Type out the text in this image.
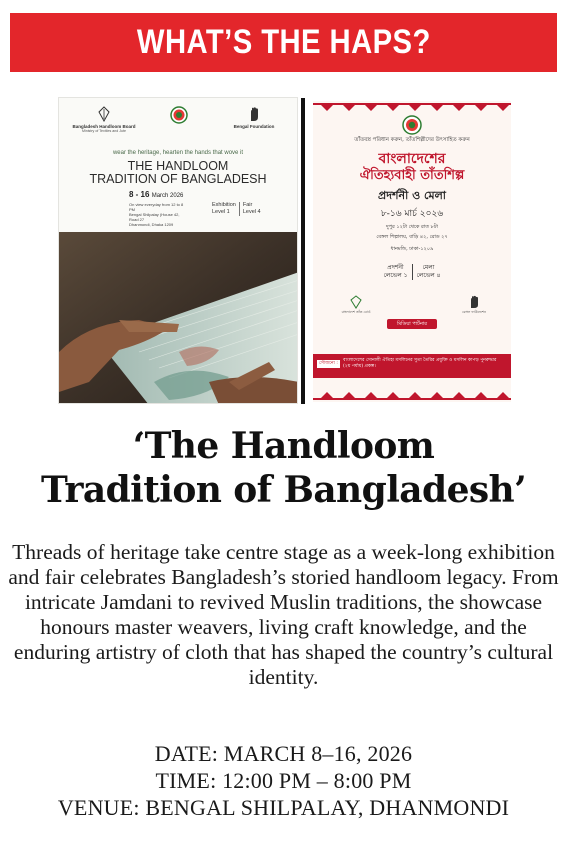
WHAT’S THE HAPS?
Bangladesh Handloom Board
Ministry of Textiles and Jute
Bengal Foundation
wear the heritage, hearten the hands that wove it
THE HANDLOOM
TRADITION OF BANGLADESH
8 - 16 March 2026
On view everyday from 12 to 8 PM
Bengal Shilpalay (House 42, Road 27
Dhanmondi, Dhaka 1209
Exhibition
Level 1
Fair
Level 4
তাঁতবস্ত্র পরিধান করুন, তাঁতশিল্পীদের উৎসাহিত করুন
বাংলাদেশের
ঐতিহ্যবাহী তাঁতশিল্প
প্রদর্শনী ও মেলা
৮-১৬ মার্চ ২০২৬
দুপুর ১২টা থেকে রাত ৮টা
বেঙ্গল শিল্পালয়, বাড়ি ৪২, রোড ২৭
ধানমন্ডি, ঢাকা-১২০৯
প্রদর্শনী
লেভেল ১
মেলা
লেভেল ৪
বাংলাদেশ তাঁত বোর্ড	বেঙ্গল ফাউন্ডেশন
মিডিয়া পার্টনার
সৌজন্যে :
বাংলাদেশের সোনালী ঐতিহ্য মসলিনের সুতা তৈরির প্রযুক্তি ও মসলিন কাপড় পুনরুদ্ধার (২য় পর্যায়) প্রকল্প।
‘The Handloom
Tradition of Bangladesh’
Threads of heritage take centre stage as a week-long exhibition and fair celebrates Bangladesh’s storied handloom legacy. From intricate Jamdani to revived Muslin traditions, the showcase honours master weavers, living craft knowledge, and the enduring artistry of cloth that has shaped the country’s cultural identity.
DATE: MARCH 8–16, 2026
TIME: 12:00 PM – 8:00 PM
VENUE: BENGAL SHILPALAY, DHANMONDI
